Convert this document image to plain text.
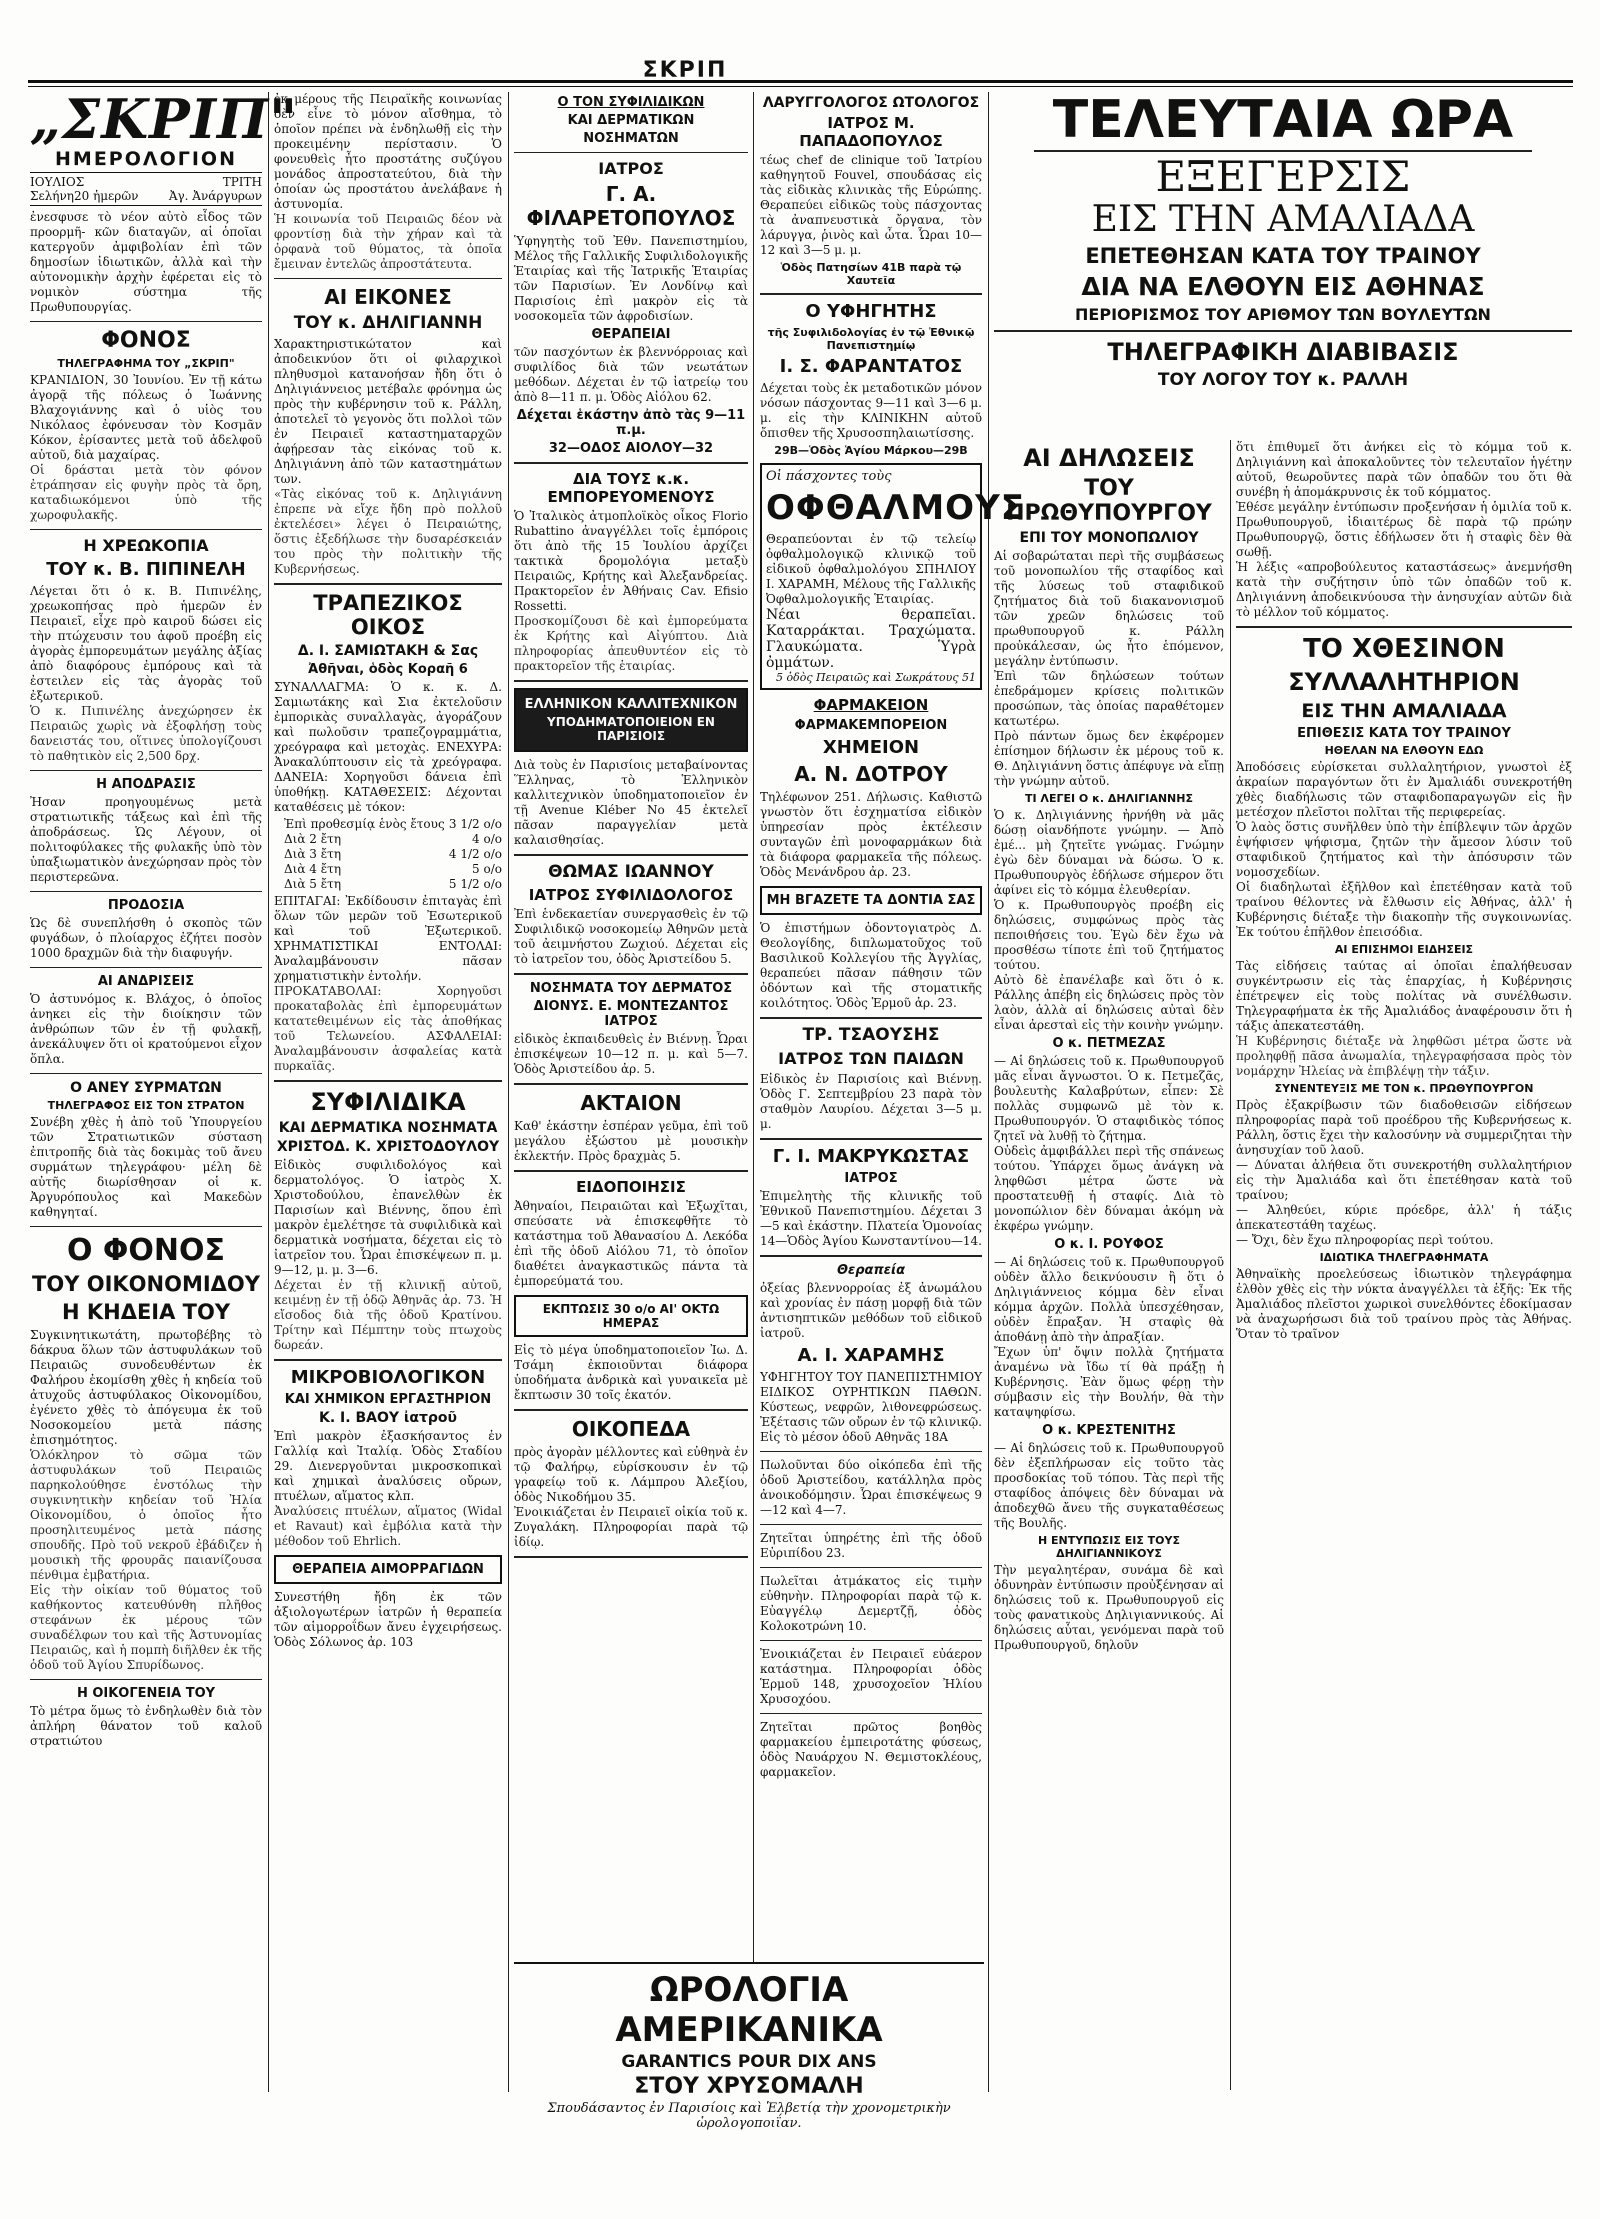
ΣΚΡΙΠ
„ΣΚΡΙΠ"
ΗΜΕΡΟΛΟΓΙΟΝ
ΙΟΥΛΙΟΣ	ΤΡΙΤΗ
Σελήνη20 ἡμερῶν	Ἀγ. Ἀνάργυρων

ἐνεσφυσε τὸ νέον αὐτὸ εἶδος τῶν προορμῆ- κῶν διαταγῶν, αἱ ὁποῖαι κατεργοῦν ἀμφιβολίαν ἐπὶ τῶν δημοσίων ἰδιωτικῶν, ἀλλὰ καὶ τὴν αὐτονομικὴν ἀρχὴν ἐφέρεται εἰς τὸ νομικὸν σύστημα τῆς Πρωθυπουργίας.

ΦΟΝΟΣ
ΤΗΛΕΓΡΑΦΗΜΑ ΤΟΥ „ΣΚΡΙΠ"

ΚΡΑΝΙΔΙΟΝ, 30 Ἰουνίου. Ἐν τῇ κάτω ἀγορᾷ τῆς πόλεως ὁ Ἰωάννης Βλαχογιάννης καὶ ὁ υἱὸς του Νικόλαος ἐφόνευσαν τὸν Κοσμᾶν Κόκον, ἐρίσαντες μετὰ τοῦ ἀδελφοῦ αὐτοῦ, διὰ μαχαίρας.

Οἱ δράσται μετὰ τὸν φόνον ἐτράπησαν εἰς φυγὴν πρὸς τὰ ὄρη, καταδιωκόμενοι ὑπὸ τῆς χωροφυλακῆς.

Η ΧΡΕΩΚΟΠΙΑ
ΤΟΥ κ. Β. ΠΙΠΙΝΕΛΗ

Λέγεται ὅτι ὁ κ. Β. Πιπινέλης, χρεωκοπήσας πρὸ ἡμερῶν ἐν Πειραιεῖ, εἶχε πρὸ καιροῦ δώσει εἰς τὴν πτώχευσιν του ἀφοῦ προέβη εἰς ἀγορὰς ἐμπορευμάτων μεγάλης ἀξίας ἀπὸ διαφόρους ἐμπόρους καὶ τὰ ἐστειλεν εἰς τὰς ἀγορὰς τοῦ ἐξωτερικοῦ.

Ὁ κ. Πιπινέλης ἀνεχώρησεν ἐκ Πειραιῶς χωρὶς νὰ ἐξοφλήσῃ τοὺς δανειστάς του, οἵτινες ὑπολογίζουσι τὸ παθητικὸν εἰς 2,500 δρχ.

Η ΑΠΟΔΡΑΣΙΣ

Ἠσαν προηγουμένως μετὰ στρατιωτικῆς τάξεως καὶ ἐπὶ τῆς ἀποδράσεως. Ὡς Λέγουν, οἱ πολιτοφύλακες τῆς φυλακῆς ὑπὸ τὸν ὑπαξιωματικὸν ἀνεχώρησαν πρὸς τὸν περιστερεῶνα.

ΠΡΟΔΟΣΙΑ

Ὡς δὲ συνεπλήσθη ὁ σκοπὸς τῶν φυγάδων, ὁ πλοίαρχος ἐζήτει ποσὸν 1000 δραχμῶν διὰ τὴν διαφυγήν.

ΑΙ ΑΝΔΡΙΣΕΙΣ

Ὁ ἀστυνόμος κ. Βλάχος, ὁ ὁποῖος ἀνηκει εἰς τὴν διοίκησιν τῶν ἀνθρώπων τῶν ἐν τῇ φυλακῇ, ἀνεκάλυψεν ὅτι οἱ κρατούμενοι εἶχον ὅπλα.

Ο ΑΝΕΥ ΣΥΡΜΑΤΩΝ
ΤΗΛΕΓΡΑΦΟΣ ΕΙΣ ΤΟΝ ΣΤΡΑΤΟΝ

Συνέβη χθὲς ἡ ἀπὸ τοῦ Ὑπουργείου τῶν Στρατιωτικῶν σύσταση ἐπιτροπῆς διὰ τὰς δοκιμὰς τοῦ ἄνευ συρμάτων τηλεγράφου· μέλη δὲ αὐτῆς διωρίσθησαν οἱ κ. Ἀργυρόπουλος καὶ Μακεδὼν καθηγηταί.

Ο ΦΟΝΟΣ
ΤΟΥ ΟΙΚΟΝΟΜΙΔΟΥ
Η ΚΗΔΕΙΑ ΤΟΥ

Συγκινητικωτάτη, πρωτοβέβης τὸ δάκρυα ὅλων τῶν ἀστυφυλάκων τοῦ Πειραιῶς συνοδευθέντων ἐκ Φαλήρου ἐκομίσθη χθὲς ἡ κηδεία τοῦ ἀτυχοῦς ἀστυφύλακος Οἰκονομίδου, ἐγένετο χθὲς τὸ ἀπόγευμα ἐκ τοῦ Νοσοκομείου μετὰ πάσης ἐπισημότητος.

Ὁλόκληρον τὸ σῶμα τῶν ἀστυφυλάκων τοῦ Πειραιῶς παρηκολούθησε ἐνστόλως τὴν συγκινητικὴν κηδείαν τοῦ Ἠλία Οἰκονομίδου, ὁ ὁποῖος ἦτο προσηλιτευμένος μετὰ πάσης σπουδῆς. Πρὸ τοῦ νεκροῦ ἐβάδιζεν ἡ μουσικὴ τῆς φρουρᾶς παιανίζουσα πένθιμα ἐμβατήρια.

Εἰς τὴν οἰκίαν τοῦ θύματος τοῦ καθήκοντος κατευθύνθη πλῆθος στεφάνων ἐκ μέρους τῶν συναδέλφων του καὶ τῆς Ἀστυνομίας Πειραιῶς, καὶ ἡ πομπὴ διῆλθεν ἐκ τῆς ὁδοῦ τοῦ Ἀγίου Σπυρίδωνος.

Η ΟΙΚΟΓΕΝΕΙΑ ΤΟΥ

Τὸ μέτρα ὅμως τὸ ἐνδηλωθὲν διὰ τὸν ἀπλήρη θάνατον τοῦ καλοῦ στρατιώτου

ἐκ μέρους τῆς Πειραϊκῆς κοινωνίας δὲν εἶνε τὸ μόνον αἴσθημα, τὸ ὁποῖον πρέπει νὰ ἐνδηλωθῇ εἰς τὴν προκειμένην περίστασιν. Ὁ φονευθεὶς ἦτο προστάτης συζύγου μονάδος ἀπροστατεύτου, διὰ τὴν ὁποίαν ὡς προστάτου ἀνελάβανε ἡ ἀστυνομία.

Ἡ κοινωνία τοῦ Πειραιῶς δέον νὰ φροντίσῃ διὰ τὴν χήραν καὶ τὰ ὀρφανὰ τοῦ θύματος, τὰ ὁποῖα ἔμειναν ἐντελῶς ἀπροστάτευτα.

ΑΙ ΕΙΚΟΝΕΣ
ΤΟΥ κ. ΔΗΛΙΓΙΑΝΝΗ

Χαρακτηριστικώτατον καὶ ἀποδεικνύον ὅτι οἱ φιλαρχικοὶ πληθυσμοὶ κατανοήσαν ἤδη ὅτι ὁ Δηλιγιάννειος μετέβαλε φρόνημα ὡς πρὸς τὴν κυβέρνησιν τοῦ κ. Ράλλη, ἀποτελεῖ τὸ γεγονὸς ὅτι πολλοὶ τῶν ἐν Πειραιεῖ καταστηματαρχῶν ἀφῄρεσαν τὰς εἰκόνας τοῦ κ. Δηλιγιάννη ἀπὸ τῶν καταστημάτων των.

«Τὰς εἰκόνας τοῦ κ. Δηλιγιάννη ἐπρεπε νὰ εἴχε ἤδη πρὸ πολλοῦ ἐκτελέσει» λέγει ὁ Πειραιώτης, ὅστις ἐξεδήλωσε τὴν δυσαρέσκειάν του πρὸς τὴν πολιτικὴν τῆς Κυβερνήσεως.

ΤΡΑΠΕΖΙΚΟΣ ΟΙΚΟΣ
Δ. Ι. ΣΑΜΙΩΤΑΚΗ & Σας
Ἀθῆναι, ὁδὸς Κοραῆ 6

ΣΥΝΑΛΛΑΓΜΑ: Ὁ κ. κ. Δ. Σαμιωτάκης καὶ Σια ἐκτελοῦσιν ἐμπορικὰς συναλλαγὰς, ἀγοράζουν καὶ πωλοῦσιν τραπεζογραμμάτια, χρεόγραφα καὶ μετοχὰς. ΕΝΕΧΥΡΑ: Ἀνακαλύπτουσιν εἰς τὰ χρεόγραφα. ΔΑΝΕΙΑ: Χορηγοῦσι δάνεια ἐπὶ ὑποθήκῃ. ΚΑΤΑΘΕΣΕΙΣ: Δέχονται καταθέσεις μὲ τόκον:

Ἐπὶ προθεσμίᾳ ἑνὸς ἔτους 3 1/2 ο/ο
Διὰ 2 ἔτη	4 ο/ο
Διὰ 3 ἔτη	4 1/2 ο/ο
Διὰ 4 ἔτη	5 ο/ο
Διὰ 5 ἔτη	5 1/2 ο/ο

ΕΠΙΤΑΓΑΙ: Ἐκδίδουσιν ἐπιταγὰς ἐπὶ ὅλων τῶν μερῶν τοῦ Ἐσωτερικοῦ καὶ τοῦ Ἐξωτερικοῦ. ΧΡΗΜΑΤΙΣΤΙΚΑΙ ΕΝΤΟΛΑΙ: Ἀναλαμβάνουσιν πᾶσαν χρηματιστικὴν ἐντολήν.

ΠΡΟΚΑΤΑΒΟΛΑΙ: Χορηγοῦσι προκαταβολὰς ἐπὶ ἐμπορευμάτων κατατεθειμένων εἰς τὰς ἀποθήκας τοῦ Τελωνείου. ΑΣΦΑΛΕΙΑΙ: Ἀναλαμβάνουσιν ἀσφαλείας κατὰ πυρκαϊᾶς.

ΣΥΦΙΛΙΔΙΚΑ
ΚΑΙ ΔΕΡΜΑΤΙΚΑ ΝΟΣΗΜΑΤΑ
ΧΡΙΣΤΟΔ. Κ. ΧΡΙΣΤΟΔΟΥΛΟΥ

Εἰδικὸς συφιλιδολόγος καὶ δερματολόγος. Ὁ ἰατρὸς Χ. Χριστοδούλου, ἐπανελθὼν ἐκ Παρισίων καὶ Βιέννης, ὅπου ἐπὶ μακρὸν ἐμελέτησε τὰ συφιλιδικὰ καὶ δερματικὰ νοσήματα, δέχεται εἰς τὸ ἰατρεῖον του. Ὧραι ἐπισκέψεων π. μ. 9—12, μ. μ. 3—6.

Δέχεται ἐν τῇ κλινικῇ αὐτοῦ, κειμένῃ ἐν τῇ ὁδῷ Ἀθηνᾶς ἀρ. 73. Ἡ εἴσοδος διὰ τῆς ὁδοῦ Κρατίνου. Τρίτην καὶ Πέμπτην τοὺς πτωχοὺς δωρεάν.

ΜΙΚΡΟΒΙΟΛΟΓΙΚΟΝ
ΚΑΙ ΧΗΜΙΚΟΝ ΕΡΓΑΣΤΗΡΙΟΝ
Κ. Ι. ΒΑΟΥ ἰατροῦ

Ἐπὶ μακρὸν ἐξασκήσαντος ἐν Γαλλίᾳ καὶ Ἰταλίᾳ. Ὁδὸς Σταδίου 29. Διενεργοῦνται μικροσκοπικαὶ καὶ χημικαὶ ἀναλύσεις οὔρων, πτυέλων, αἵματος κλπ.

Ἀναλύσεις πτυέλων, αἵματος (Widal et Ravaut) καὶ ἐμβόλια κατὰ τὴν μέθοδον τοῦ Ehrlich.

ΘΕΡΑΠΕΙΑ ΑΙΜΟΡΡΑΓΙΔΩΝ

Συνεστήθη ἤδη ἐκ τῶν ἀξιολογωτέρων ἰατρῶν ἡ θεραπεία τῶν αἱμορροΐδων ἄνευ ἐγχειρήσεως. Ὁδὸς Σόλωνος ἀρ. 103

Ο ΤΟΝ ΣΥΦΙΛΙΔΙΚΩΝ
ΚΑΙ ΔΕΡΜΑΤΙΚΩΝ
ΝΟΣΗΜΑΤΩΝ
ΙΑΤΡΟΣ
Γ. Α. ΦΙΛΑΡΕΤΟΠΟΥΛΟΣ

Ὑφηγητὴς τοῦ Ἐθν. Πανεπιστημίου, Μέλος τῆς Γαλλικῆς Συφιλιδολογικῆς Ἑταιρίας καὶ τῆς Ἰατρικῆς Ἑταιρίας τῶν Παρισίων. Ἐν Λονδίνῳ καὶ Παρισίοις ἐπὶ μακρὸν εἰς τὰ νοσοκομεῖα τῶν ἀφροδισίων.

ΘΕΡΑΠΕΙΑΙ

τῶν πασχόντων ἐκ βλεννόρροιας καὶ συφιλίδος διὰ τῶν νεωτάτων μεθόδων. Δέχεται ἐν τῷ ἰατρείῳ του ἀπὸ 8—11 π. μ. Ὁδὸς Αἰόλου 62.

Δέχεται ἑκάστην ἀπὸ τὰς 9—11 π.μ.
32—ΟΔΟΣ ΑΙΟΛΟΥ—32
ΔΙΑ ΤΟΥΣ κ.κ. ΕΜΠΟΡΕΥΟΜΕΝΟΥΣ

Ὁ Ἰταλικὸς ἀτμοπλοϊκὸς οἶκος Florio Rubattino ἀναγγέλλει τοῖς ἐμπόροις ὅτι ἀπὸ τῆς 15 Ἰουλίου ἀρχίζει τακτικὰ δρομολόγια μεταξὺ Πειραιῶς, Κρήτης καὶ Ἀλεξανδρείας. Πρακτορεῖον ἐν Ἀθήναις Cav. Efisio Rossetti.

Προσκομίζουσι δὲ καὶ ἐμπορεύματα ἐκ Κρήτης καὶ Αἰγύπτου. Διὰ πληροφορίας ἀπευθυντέον εἰς τὸ πρακτορεῖον τῆς ἑταιρίας.

ΕΛΛΗΝΙΚΟΝ ΚΑΛΛΙΤΕΧΝΙΚΟΝ
ΥΠΟΔΗΜΑΤΟΠΟΙΕΙΟΝ ΕΝ ΠΑΡΙΣΙΟΙΣ

Διὰ τοὺς ἐν Παρισίοις μεταβαίνοντας Ἕλληνας, τὸ Ἑλληνικὸν καλλιτεχνικὸν ὑποδηματοποιεῖον ἐν τῇ Avenue Kléber No 45 ἐκτελεῖ πᾶσαν παραγγελίαν μετὰ καλαισθησίας.

ΘΩΜΑΣ ΙΩΑΝΝΟΥ
ΙΑΤΡΟΣ ΣΥΦΙΛΙΔΟΛΟΓΟΣ

Ἐπὶ ἑνδεκαετίαν συνεργασθεὶς ἐν τῷ Συφιλιδικῷ νοσοκομείῳ Ἀθηνῶν μετὰ τοῦ ἀειμνήστου Ζωχιού. Δέχεται εἰς τὸ ἰατρεῖον του, ὁδὸς Ἀριστείδου 5.

ΝΟΣΗΜΑΤΑ ΤΟΥ ΔΕΡΜΑΤΟΣ
ΔΙΟΝΥΣ. Ε. ΜΟΝΤΕΖΑΝΤΟΣ ΙΑΤΡΟΣ

εἰδικὸς ἐκπαιδευθεὶς ἐν Βιέννῃ. Ὧραι ἐπισκέψεων 10—12 π. μ. καὶ 5—7. Ὁδὸς Ἀριστείδου ἀρ. 5.

ΑΚΤΑΙΟΝ

Καθ' ἑκάστην ἑσπέραν γεῦμα, ἐπὶ τοῦ μεγάλου ἐξώστου μὲ μουσικὴν ἑκλεκτήν. Πρὸς δραχμὰς 5.

ΕΙΔΟΠΟΙΗΣΙΣ

Ἀθηναίοι, Πειραιῶται καὶ Ἑξωχῖται, σπεύσατε νὰ ἐπισκεφθῆτε τὸ κατάστημα τοῦ Ἀθανασίου Δ. Λεκόδα ἐπὶ τῆς ὁδοῦ Αἰόλου 71, τὸ ὁποῖον διαθέτει ἀναγκαστικῶς πάντα τὰ ἐμπορεύματά του.

ΕΚΠΤΩΣΙΣ 30 ο/ο ΑΙ' ΟΚΤΩ ΗΜΕΡΑΣ

Εἰς τὸ μέγα ὑποδηματοποιεῖον Ἰω. Δ. Τσάμη ἐκποιοῦνται διάφορα ὑποδήματα ἀνδρικὰ καὶ γυναικεῖα μὲ ἔκπτωσιν 30 τοῖς ἑκατόν.

ΟΙΚΟΠΕΔΑ

πρὸς ἀγορὰν μέλλοντες καὶ εὐθηνὰ ἐν τῷ Φαλήρῳ, εὑρίσκουσιν ἐν τῷ γραφείῳ τοῦ κ. Λάμπρου Ἀλεξίου, ὁδὸς Νικοδήμου 35.

Ἐνοικιάζεται ἐν Πειραιεῖ οἰκία τοῦ κ. Ζυγαλάκη. Πληροφορίαι παρὰ τῷ ἰδίῳ.

ΛΑΡΥΓΓΟΛΟΓΟΣ ΩΤΟΛΟΓΟΣ
ΙΑΤΡΟΣ Μ. ΠΑΠΑΔΟΠΟΥΛΟΣ

τέως chef de clinique τοῦ Ἰατρίου καθηγητοῦ Fouvel, σπουδάσας εἰς τὰς εἰδικὰς κλινικὰς τῆς Εὐρώπης. Θεραπεύει εἰδικῶς τοὺς πάσχοντας τὰ ἀναπνευστικὰ ὄργανα, τὸν λάρυγγα, ῥινὸς καὶ ὦτα. Ὧραι 10—12 καὶ 3—5 μ. μ.

Ὁδὸς Πατησίων 41Β παρὰ τῷ Χαυτεῖα
Ο ΥΦΗΓΗΤΗΣ
τῆς Συφιλιδολογίας ἐν τῷ Ἐθνικῷ Πανεπιστημίῳ
Ι. Σ. ΦΑΡΑΝΤΑΤΟΣ

Δέχεται τοὺς ἐκ μεταδοτικῶν μόνον νόσων πάσχοντας 9—11 καὶ 3—6 μ. μ. εἰς τὴν ΚΛΙΝΙΚΗΝ αὐτοῦ ὄπισθεν τῆς Χρυσοσπηλαιωτίσσης.

29Β—Ὁδὸς Ἁγίου Μάρκου—29Β
Οἱ πάσχοντες τοὺς
ΟΦΘΑΛΜΟΥΣ

Θεραπεύονται ἐν τῷ τελείῳ ὀφθαλμολογικῷ κλινικῷ τοῦ εἰδικοῦ ὀφθαλμολόγου ΣΠΗΛΙΟΥ Ι. ΧΑΡΑΜΗ, Μέλους τῆς Γαλλικῆς Ὀφθαλμολογικῆς Ἑταιρίας.

Νέαι θεραπεῖαι. Καταρράκται. Τραχώματα. Γλαυκώματα. Ὑγρὰ ὀμμάτων.

5 ὁδὸς Πειραιῶς καὶ Σωκράτους 51
ΦΑΡΜΑΚΕΙΟΝ
ΦΑΡΜΑΚΕΜΠΟΡΕΙΟΝ
ΧΗΜΕΙΟΝ
Α. Ν. ΔΟΤΡΟΥ

Τηλέφωνον 251. Δήλωσις. Καθιστῶ γνωστὸν ὅτι ἐσχηματίσα εἰδικὸν ὑπηρεσίαν πρὸς ἐκτέλεσιν συνταγῶν ἐπὶ μονοφαρμάκων διὰ τὰ διάφορα φαρμακεῖα τῆς πόλεως. Ὁδὸς Μενάνδρου ἀρ. 23.

ΜΗ ΒΓΑΖΕΤΕ ΤΑ ΔΟΝΤΙΑ ΣΑΣ

Ὁ ἐπιστήμων ὀδοντογιατρὸς Δ. Θεολογίδης, διπλωματοῦχος τοῦ Βασιλικοῦ Κολλεγίου τῆς Ἀγγλίας, θεραπεύει πᾶσαν πάθησιν τῶν ὀδόντων καὶ τῆς στοματικῆς κοιλότητος. Ὁδὸς Ἑρμοῦ ἀρ. 23.

ΤΡ. ΤΣΑΟΥΣΗΣ
ΙΑΤΡΟΣ ΤΩΝ ΠΑΙΔΩΝ

Εἰδικὸς ἐν Παρισίοις καὶ Βιέννῃ. Ὁδὸς Γ. Σεπτεμβρίου 23 παρὰ τὸν σταθμὸν Λαυρίου. Δέχεται 3—5 μ. μ.

Γ. Ι. ΜΑΚΡΥΚΩΣΤΑΣ
ΙΑΤΡΟΣ

Ἐπιμελητὴς τῆς κλινικῆς τοῦ Ἐθνικοῦ Πανεπιστημίου. Δέχεται 3—5 καὶ ἑκάστην. Πλατεία Ὁμονοίας 14—Ὁδὸς Ἁγίου Κωνσταντίνου—14.

Θεραπεία

ὀξείας βλεννορροίας ἐξ ἀνωμάλου καὶ χρονίας ἐν πάσῃ μορφῇ διὰ τῶν ἀντισηπτικῶν μεθόδων τοῦ εἰδικοῦ ἰατροῦ.

Α. Ι. ΧΑΡΑΜΗΣ

ΥΦΗΓΗΤΟΥ ΤΟΥ ΠΑΝΕΠΙΣΤΗΜΙΟΥ ΕΙΔΙΚΟΣ ΟΥΡΗΤΙΚΩΝ ΠΑΘΩΝ. Κύστεως, νεφρῶν, λιθονεφρώσεως. Ἐξέτασις τῶν οὔρων ἐν τῷ κλινικῷ. Εἰς τὸ μέσον ὁδοῦ Αθηνᾶς 18Α

Πωλοῦνται δύο οἰκόπεδα ἐπὶ τῆς ὁδοῦ Ἀριστείδου, κατάλληλα πρὸς ἀνοικοδόμησιν. Ὧραι ἐπισκέψεως 9—12 καὶ 4—7.

Ζητεῖται ὑπηρέτης ἐπὶ τῆς ὁδοῦ Εὐριπίδου 23.

Πωλεῖται ἀτμάκατος εἰς τιμὴν εὐθηνὴν. Πληροφορίαι παρὰ τῷ κ. Εὐαγγέλῳ Δεμερτζῇ, ὁδὸς Κολοκοτρώνη 10.

Ἐνοικιάζεται ἐν Πειραιεῖ εὐάερον κατάστημα. Πληροφορίαι ὁδὸς Ἑρμοῦ 148, χρυσοχοεῖον Ἠλίου Χρυσοχόου.

Ζητεῖται πρῶτος βοηθὸς φαρμακείου ἐμπειροτάτης φύσεως, ὁδὸς Ναυάρχου Ν. Θεμιστοκλέους, φαρμακεῖον.

ΩΡΟΛΟΓΙΑ ΑΜΕΡΙΚΑΝΙΚΑ
GARANTICS POUR DIX ANS
ΣΤΟΥ ΧΡΥΣΟΜΑΛΗ
Σπουδάσαντος ἐν Παρισίοις καὶ Ἑλβετίᾳ τὴν χρονομετρικὴν ὡρολογοποιΐαν.
ΤΕΛΕΥΤΑΙΑ ΩΡΑ
ΕΞΕΓΕΡΣΙΣ
ΕΙΣ ΤΗΝ ΑΜΑΛΙΑΔΑ
ΕΠΕΤΕΘΗΣΑΝ ΚΑΤΑ ΤΟΥ ΤΡΑΙΝΟΥ
ΔΙΑ ΝΑ ΕΛΘΟΥΝ ΕΙΣ ΑΘΗΝΑΣ
ΠΕΡΙΟΡΙΣΜΟΣ ΤΟΥ ΑΡΙΘΜΟΥ ΤΩΝ ΒΟΥΛΕΥΤΩΝ
ΤΗΛΕΓΡΑΦΙΚΗ ΔΙΑΒΙΒΑΣΙΣ
ΤΟΥ ΛΟΓΟΥ ΤΟΥ κ. ΡΑΛΛΗ
ΑΙ ΔΗΛΩΣΕΙΣ
ΤΟΥ ΠΡΩΘΥΠΟΥΡΓΟΥ
ΕΠΙ ΤΟΥ ΜΟΝΟΠΩΛΙΟΥ

Αἱ σοβαρώταται περὶ τῆς συμβάσεως τοῦ μονοπωλίου τῆς σταφίδος καὶ τῆς λύσεως τοῦ σταφιδικοῦ ζητήματος διὰ τοῦ διακανονισμοῦ τῶν χρεῶν δηλώσεις τοῦ πρωθυπουργοῦ κ. Ράλλη προὐκάλεσαν, ὡς ἦτο ἑπόμενον, μεγάλην ἐντύπωσιν.

Ἐπὶ τῶν δηλώσεων τούτων ἐπεδράμομεν κρίσεις πολιτικῶν προσώπων, τὰς ὁποίας παραθέτομεν κατωτέρω.

Πρὸ πάντων ὅμως δεν ἐκφέρομεν ἐπίσημον δήλωσιν ἐκ μέρους τοῦ κ. Θ. Δηλιγιάννη ὅστις ἀπέφυγε νὰ εἴπῃ τὴν γνώμην αὐτοῦ.

ΤΙ ΛΕΓΕΙ Ο κ. ΔΗΛΙΓΙΑΝΝΗΣ

Ὁ κ. Δηλιγιάννης ἠρνήθη νὰ μᾶς δώσῃ οἱανδήποτε γνώμην. — Ἀπὸ ἐμέ... μὴ ζητεῖτε γνώμας. Γνώμην ἐγὼ δὲν δύναμαι νὰ δώσω. Ὁ κ. Πρωθυπουργὸς ἐδήλωσε σήμερον ὅτι ἀφίνει εἰς τὸ κόμμα ἐλευθερίαν.

Ὁ κ. Πρωθυπουργὸς προέβη εἰς δηλώσεις, συμφώνως πρὸς τὰς πεποιθήσεις του. Ἐγὼ δὲν ἔχω νὰ προσθέσω τίποτε ἐπὶ τοῦ ζητήματος τούτου.

Αὐτὸ δὲ ἐπανέλαβε καὶ ὅτι ὁ κ. Ράλλης ἀπέβη εἰς δηλώσεις πρὸς τὸν λαὸν, ἀλλὰ αἱ δηλώσεις αὐταὶ δὲν εἶναι ἀρεσταὶ εἰς τὴν κοινὴν γνώμην.

Ο κ. ΠΕΤΜΕΖΑΣ

— Αἱ δηλώσεις τοῦ κ. Πρωθυπουργοῦ μᾶς εἶναι ἄγνωστοι. Ὁ κ. Πετμεζᾶς, βουλευτὴς Καλαβρύτων, εἶπεν: Σὲ πολλὰς συμφωνῶ μὲ τὸν κ. Πρωθυπουργόν. Ὁ σταφιδικὸς τόπος ζητεῖ νὰ λυθῇ τὸ ζήτημα.

Οὐδεὶς ἀμφιβάλλει περὶ τῆς σπάνεως τούτου. Ὑπάρχει ὅμως ἀνάγκη νὰ ληφθῶσι μέτρα ὥστε νὰ προστατευθῇ ἡ σταφίς. Διὰ τὸ μονοπώλιον δὲν δύναμαι ἀκόμη νὰ ἐκφέρω γνώμην.

Ο κ. Ι. ΡΟΥΦΟΣ

— Αἱ δηλώσεις τοῦ κ. Πρωθυπουργοῦ οὐδὲν ἄλλο δεικνύουσιν ἢ ὅτι ὁ Δηλιγιάννειος κόμμα δὲν εἶναι κόμμα ἀρχῶν. Πολλὰ ὑπεσχέθησαν, οὐδὲν ἔπραξαν. Ἡ σταφὶς θὰ ἀποθάνῃ ἀπὸ τὴν ἀπραξίαν.

Ἔχων ὑπ' ὄψιν πολλὰ ζητήματα ἀναμένω νὰ ἴδω τί θὰ πράξῃ ἡ Κυβέρνησις. Ἐὰν ὅμως φέρῃ τὴν σύμβασιν εἰς τὴν Βουλήν, θὰ τὴν καταψηφίσω.

Ο κ. ΚΡΕΣΤΕΝΙΤΗΣ

— Αἱ δηλώσεις τοῦ κ. Πρωθυπουργοῦ δὲν ἐξεπλήρωσαν εἰς τοῦτο τὰς προσδοκίας τοῦ τόπου. Τὰς περὶ τῆς σταφίδος ἀπόψεις δὲν δύναμαι νὰ ἀποδεχθῶ ἄνευ τῆς συγκαταθέσεως τῆς Βουλῆς.

Η ΕΝΤΥΠΩΣΙΣ ΕΙΣ ΤΟΥΣ ΔΗΛΙΓΙΑΝΝΙΚΟΥΣ

Τὴν μεγαλητέραν, συνάμα δὲ καὶ ὀδυνηρὰν ἐντύπωσιν προὐξένησαν αἱ δηλώσεις τοῦ κ. Πρωθυπουργοῦ εἰς τοὺς φανατικοὺς Δηλιγιαννικούς. Αἱ δηλώσεις αὗται, γενόμεναι παρὰ τοῦ Πρωθυπουργοῦ, δηλοῦν

ὅτι ἐπιθυμεῖ ὅτι ἀνήκει εἰς τὸ κόμμα τοῦ κ. Δηλιγιάννη καὶ ἀποκαλοῦντες τὸν τελευταῖον ἡγέτην αὐτοῦ, θεωροῦντες παρὰ τῶν ὀπαδῶν του ὅτι θὰ συνέβη ἡ ἀπομάκρυνσις ἐκ τοῦ κόμματος.

Ἐθέσε μεγάλην ἐντύπωσιν προξενήσαν ἡ ὁμιλία τοῦ κ. Πρωθυπουργοῦ, ἰδιαιτέρως δὲ παρὰ τῷ πρώην Πρωθυπουργῷ, ὅστις ἐδήλωσεν ὅτι ἡ σταφὶς δὲν θὰ σωθῇ.

Ἡ λέξις «απροβούλευτος καταστάσεως» ἀνεμνήσθη κατὰ τὴν συζήτησιν ὑπὸ τῶν ὀπαδῶν τοῦ κ. Δηλιγιάννη ἀποδεικνύουσα τὴν ἀνησυχίαν αὐτῶν διὰ τὸ μέλλον τοῦ κόμματος.

ΤΟ ΧΘΕΣΙΝΟΝ
ΣΥΛΛΑΛΗΤΗΡΙΟΝ
ΕΙΣ ΤΗΝ ΑΜΑΛΙΑΔΑ
ΕΠΙΘΕΣΙΣ ΚΑΤΑ ΤΟΥ ΤΡΑΙΝΟΥ
ΗΘΕΛΑΝ ΝΑ ΕΛΘΟΥΝ ΕΔΩ

Ἀποδόσεις εὐρίσκεται συλλαλητήριον, γνωστοὶ ἐξ ἀκραίων παραγόντων ὅτι ἐν Ἀμαλιάδι συνεκροτήθη χθὲς διαδήλωσις τῶν σταφιδοπαραγωγῶν εἰς ἣν μετέσχον πλεῖστοι πολῖται τῆς περιφερείας.

Ὁ λαὸς ὅστις συνῆλθεν ὑπὸ τὴν ἐπίβλεψιν τῶν ἀρχῶν ἐψήφισεν ψήφισμα, ζητῶν τὴν ἄμεσον λύσιν τοῦ σταφιδικοῦ ζητήματος καὶ τὴν ἀπόσυρσιν τῶν νομοσχεδίων.

Οἱ διαδηλωταὶ ἐξῆλθον καὶ ἐπετέθησαν κατὰ τοῦ τραίνου θέλοντες νὰ ἔλθωσιν εἰς Ἀθήνας, ἀλλ' ἡ Κυβέρνησις διέταξε τὴν διακοπὴν τῆς συγκοινωνίας. Ἐκ τούτου ἐπῆλθον ἐπεισόδια.

ΑΙ ΕΠΙΣΗΜΟΙ ΕΙΔΗΣΕΙΣ

Τὰς εἰδήσεις ταύτας αἱ ὁποῖαι ἐπαλήθευσαν συγκέντρωσιν εἰς τὰς ἐπαρχίας, ἡ Κυβέρνησις ἐπέτρεψεν εἰς τοὺς πολίτας νὰ συνέλθωσιν. Τηλεγραφήματα ἐκ τῆς Ἀμαλιάδος ἀναφέρουσιν ὅτι ἡ τάξις ἀπεκατεστάθη.

Ἡ Κυβέρνησις διέταξε νὰ ληφθῶσι μέτρα ὥστε νὰ προληφθῇ πᾶσα ἀνωμαλία, τηλεγραφήσασα πρὸς τὸν νομάρχην Ἠλείας νὰ ἐπιβλέψῃ τὴν τάξιν.

ΣΥΝΕΝΤΕΥΞΙΣ ΜΕ ΤΟΝ κ. ΠΡΩΘΥΠΟΥΡΓΟΝ

Πρὸς ἐξακρίβωσιν τῶν διαδοθεισῶν εἰδήσεων πληροφορίας παρὰ τοῦ προέδρου τῆς Κυβερνήσεως κ. Ράλλη, ὅστις ἔχει τὴν καλοσύνην νὰ συμμεριζηται τὴν ἀνησυχίαν τοῦ λαοῦ.

— Δύναται ἀλήθεια ὅτι συνεκροτήθη συλλαλητήριον εἰς τὴν Ἀμαλιάδα καὶ ὅτι ἐπετέθησαν κατὰ τοῦ τραίνου;

— Ἀληθεύει, κύριε πρόεδρε, ἀλλ' ἡ τάξις ἀπεκατεστάθη ταχέως.

— Ὄχι, δὲν ἔχω πληροφορίας περὶ τούτου.

ΙΔΙΩΤΙΚΑ ΤΗΛΕΓΡΑΦΗΜΑΤΑ

Ἀθηναϊκὴς προελεύσεως ἰδιωτικὸν τηλεγράφημα ἐλθὸν χθὲς εἰς τὴν νύκτα ἀναγγέλλει τὰ ἑξῆς: Ἐκ τῆς Ἀμαλιάδος πλεῖστοι χωρικοὶ συνελθόντες ἐδοκίμασαν νὰ ἀναχωρήσωσι διὰ τοῦ τραίνου πρὸς τὰς Ἀθήνας. Ὅταν τὸ τραῖνον
